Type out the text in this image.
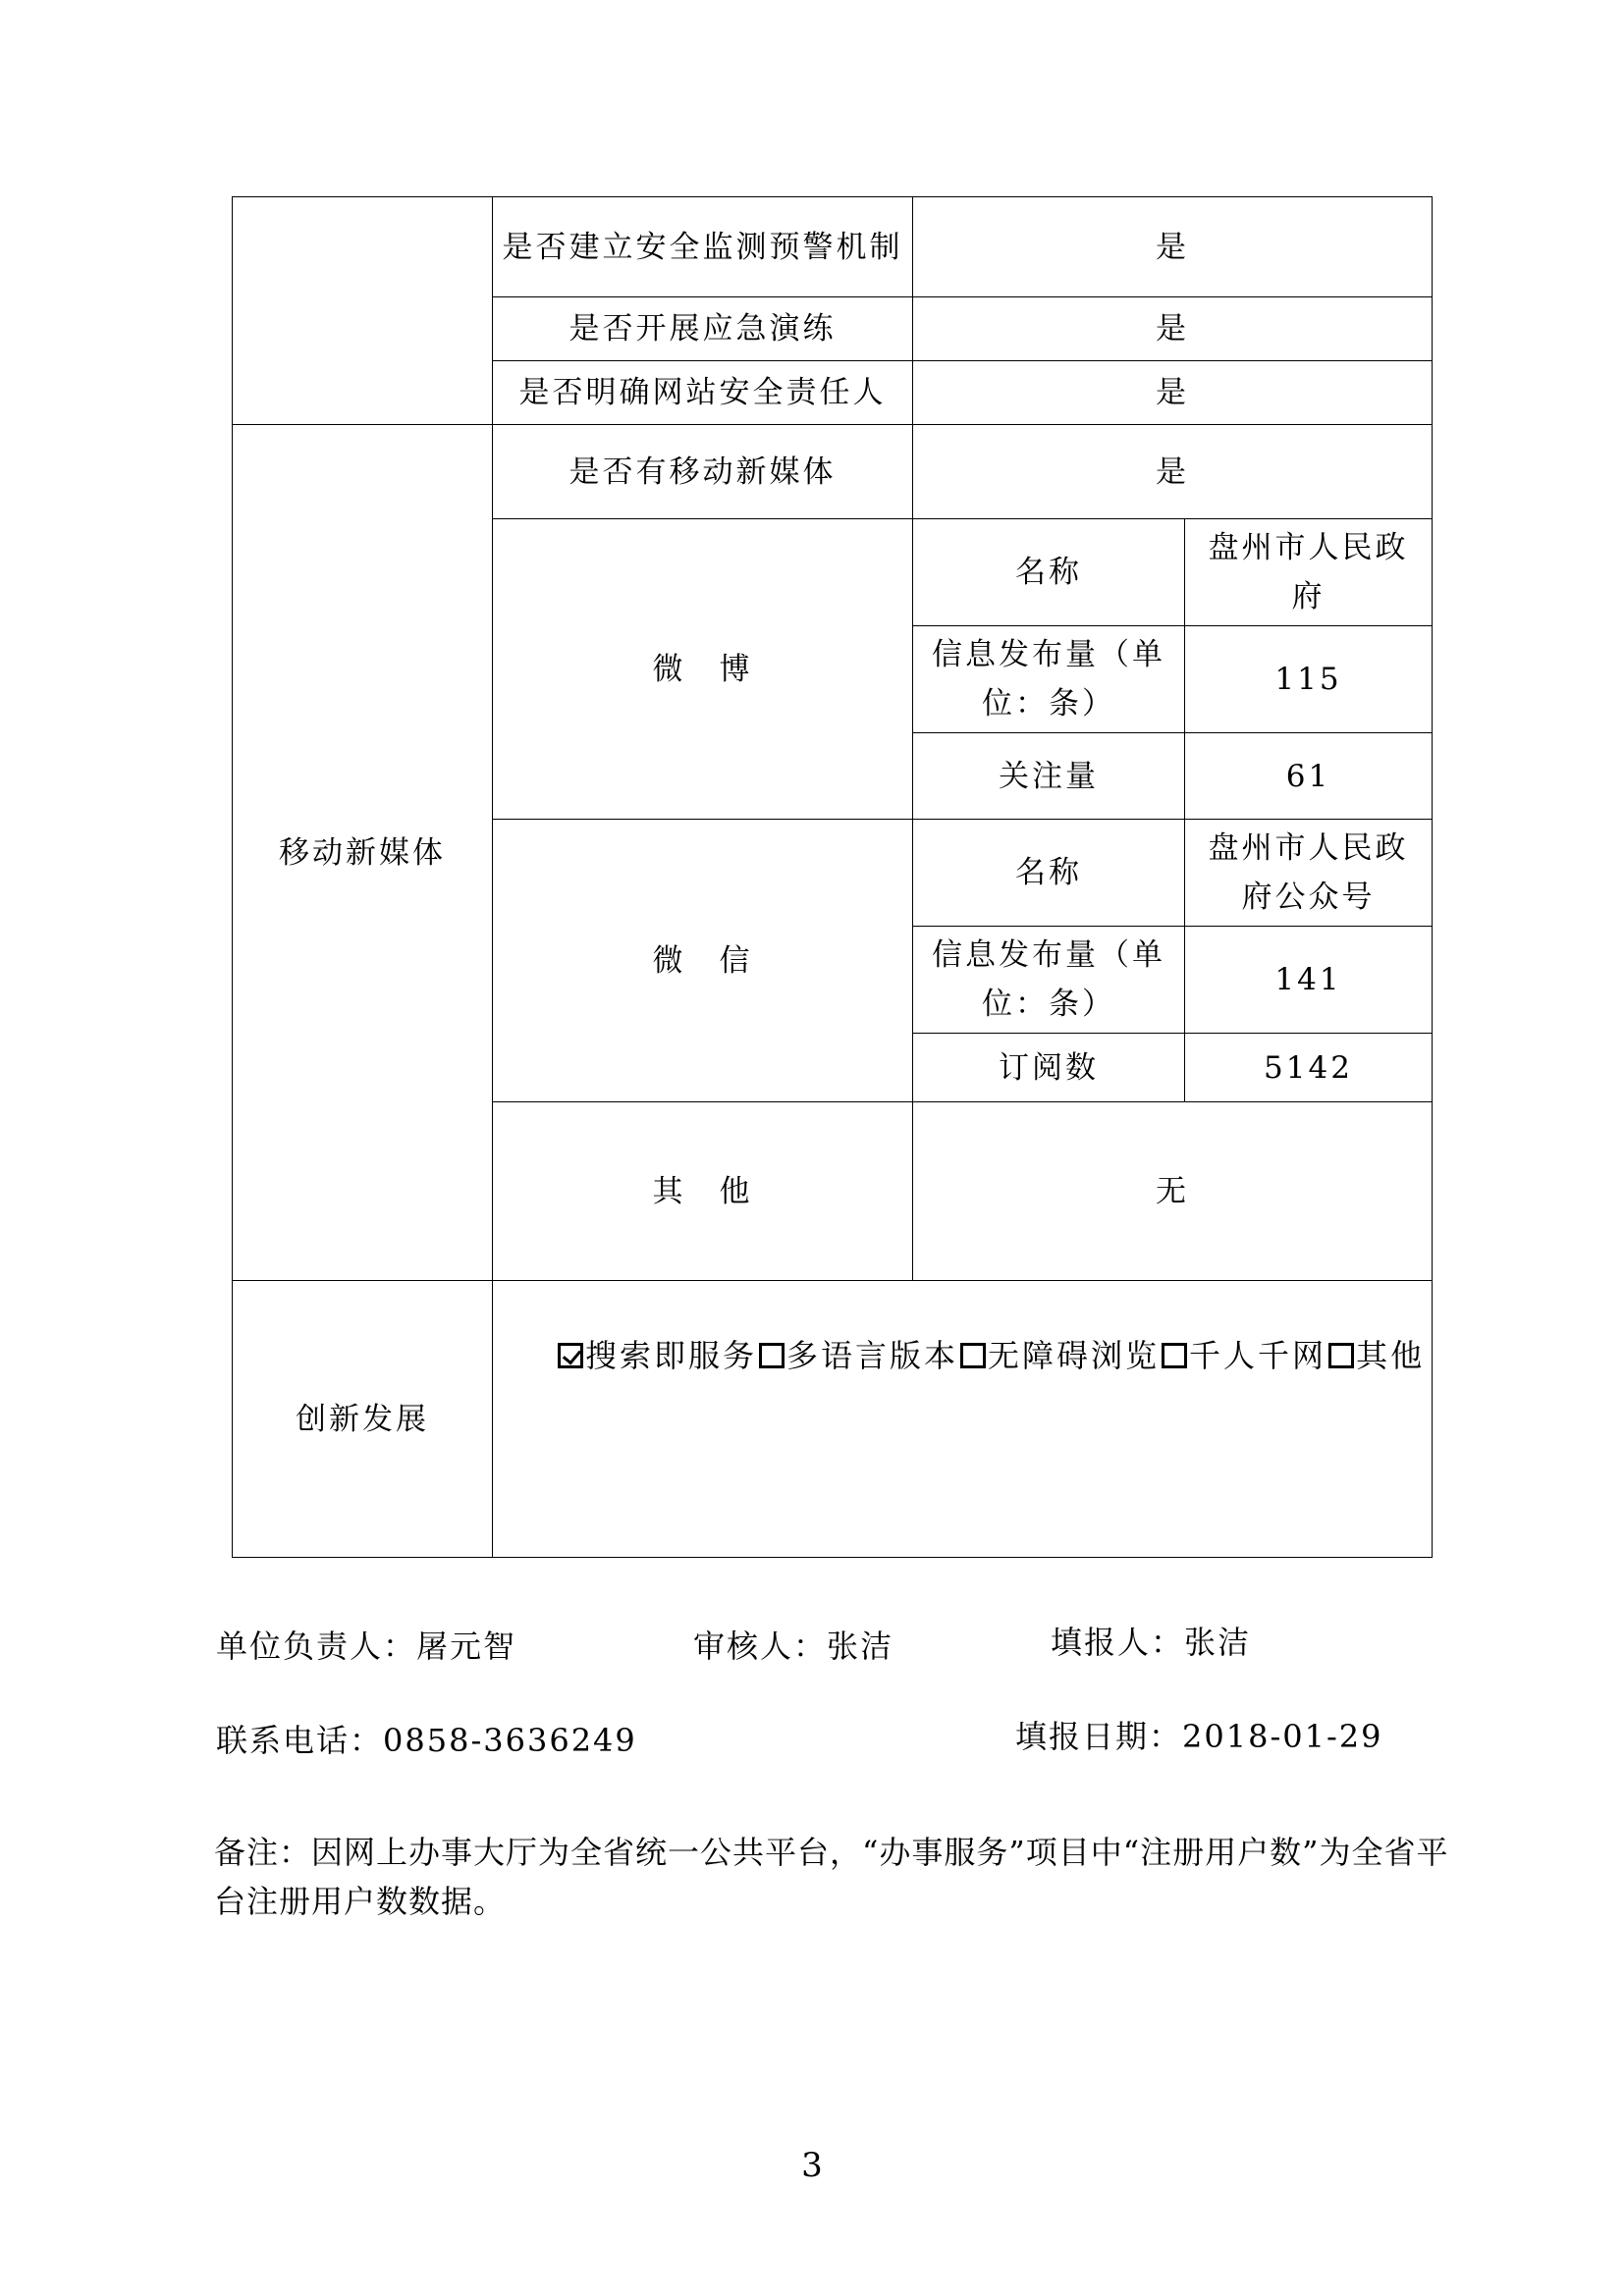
	是否建立安全监测预警机制	是	
	是否开展应急演练	是	
	是否明确网站安全责任人	是	
移动新媒体	是否有移动新媒体	是	
	微　博	名称	盘州市人民政府
		信息发布量（单位：条）	115
		关注量	61
	微　信	名称	盘州市人民政府公众号
		信息发布量（单位：条）	141
		订阅数	5142
	其　他	无	
创新发展	搜索即服务 多语言版本 无障碍浏览 千人千网 其他		
单位负责人：屠元智	审核人：张洁	填报人：张洁
联系电话：0858-3636249	填报日期：2018-01-29
备注：因网上办事大厅为全省统一公共平台，“办事服务”项目中“注册用户数”为全省平台注册用户数数据。
3
